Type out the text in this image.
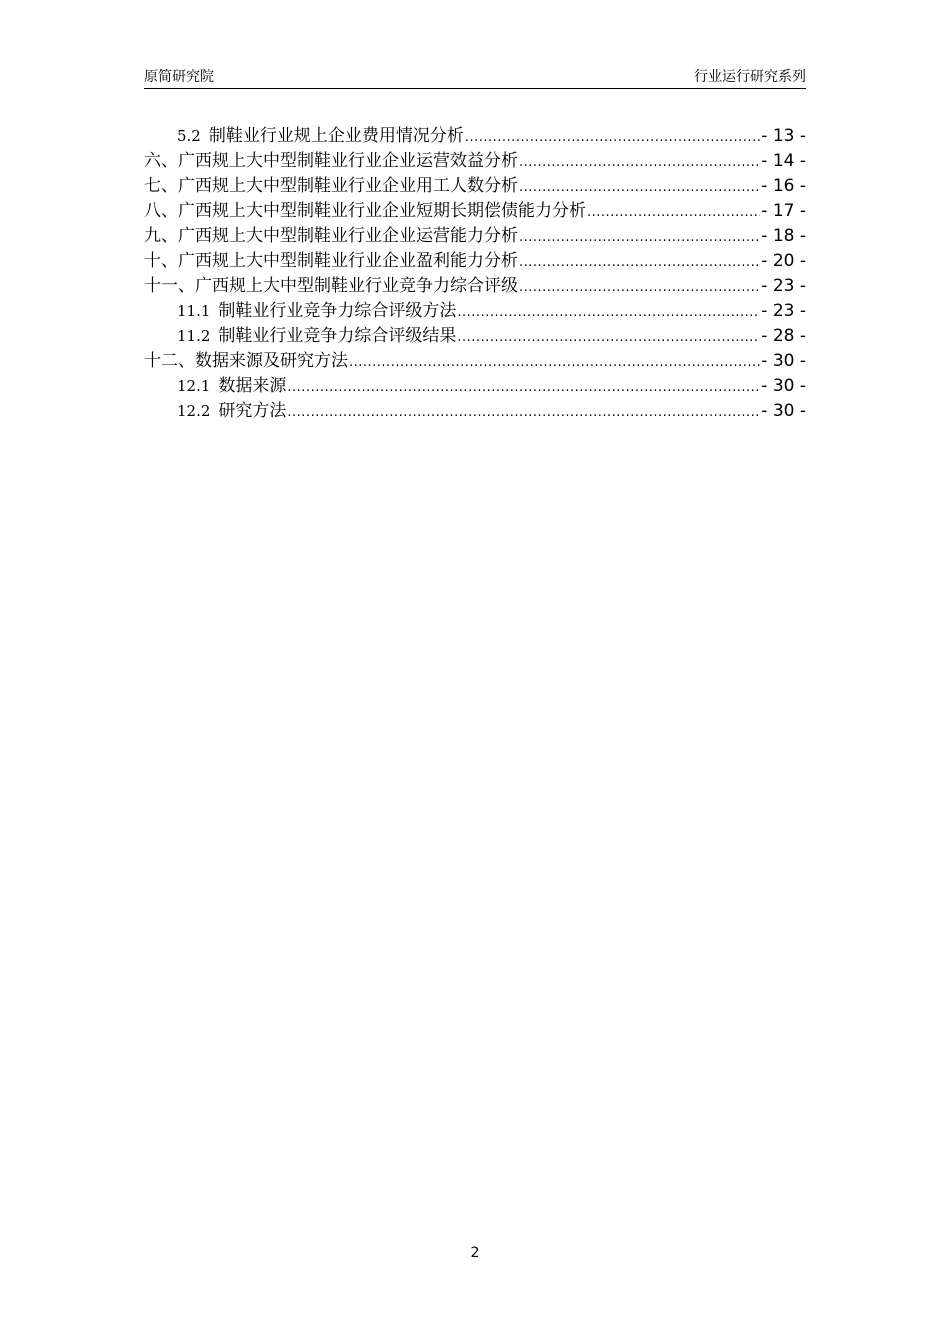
原简研究院	行业运行研究系列
5.2 制鞋业行业规上企业费用情况分析 .....	- 13 -
六、广西规上大中型制鞋业行业企业运营效益分析 .....	- 14 -
七、广西规上大中型制鞋业行业企业用工人数分析 .....	- 16 -
八、广西规上大中型制鞋业行业企业短期长期偿债能力分析 .....	- 17 -
九、广西规上大中型制鞋业行业企业运营能力分析 .....	- 18 -
十、广西规上大中型制鞋业行业企业盈利能力分析 .....	- 20 -
十一、广西规上大中型制鞋业行业竞争力综合评级 .....	- 23 -
11.1 制鞋业行业竞争力综合评级方法 .....	- 23 -
11.2 制鞋业行业竞争力综合评级结果 .....	- 28 -
十二、数据来源及研究方法 .....	- 30 -
12.1 数据来源 .....	- 30 -
12.2 研究方法 .....	- 30 -
2
